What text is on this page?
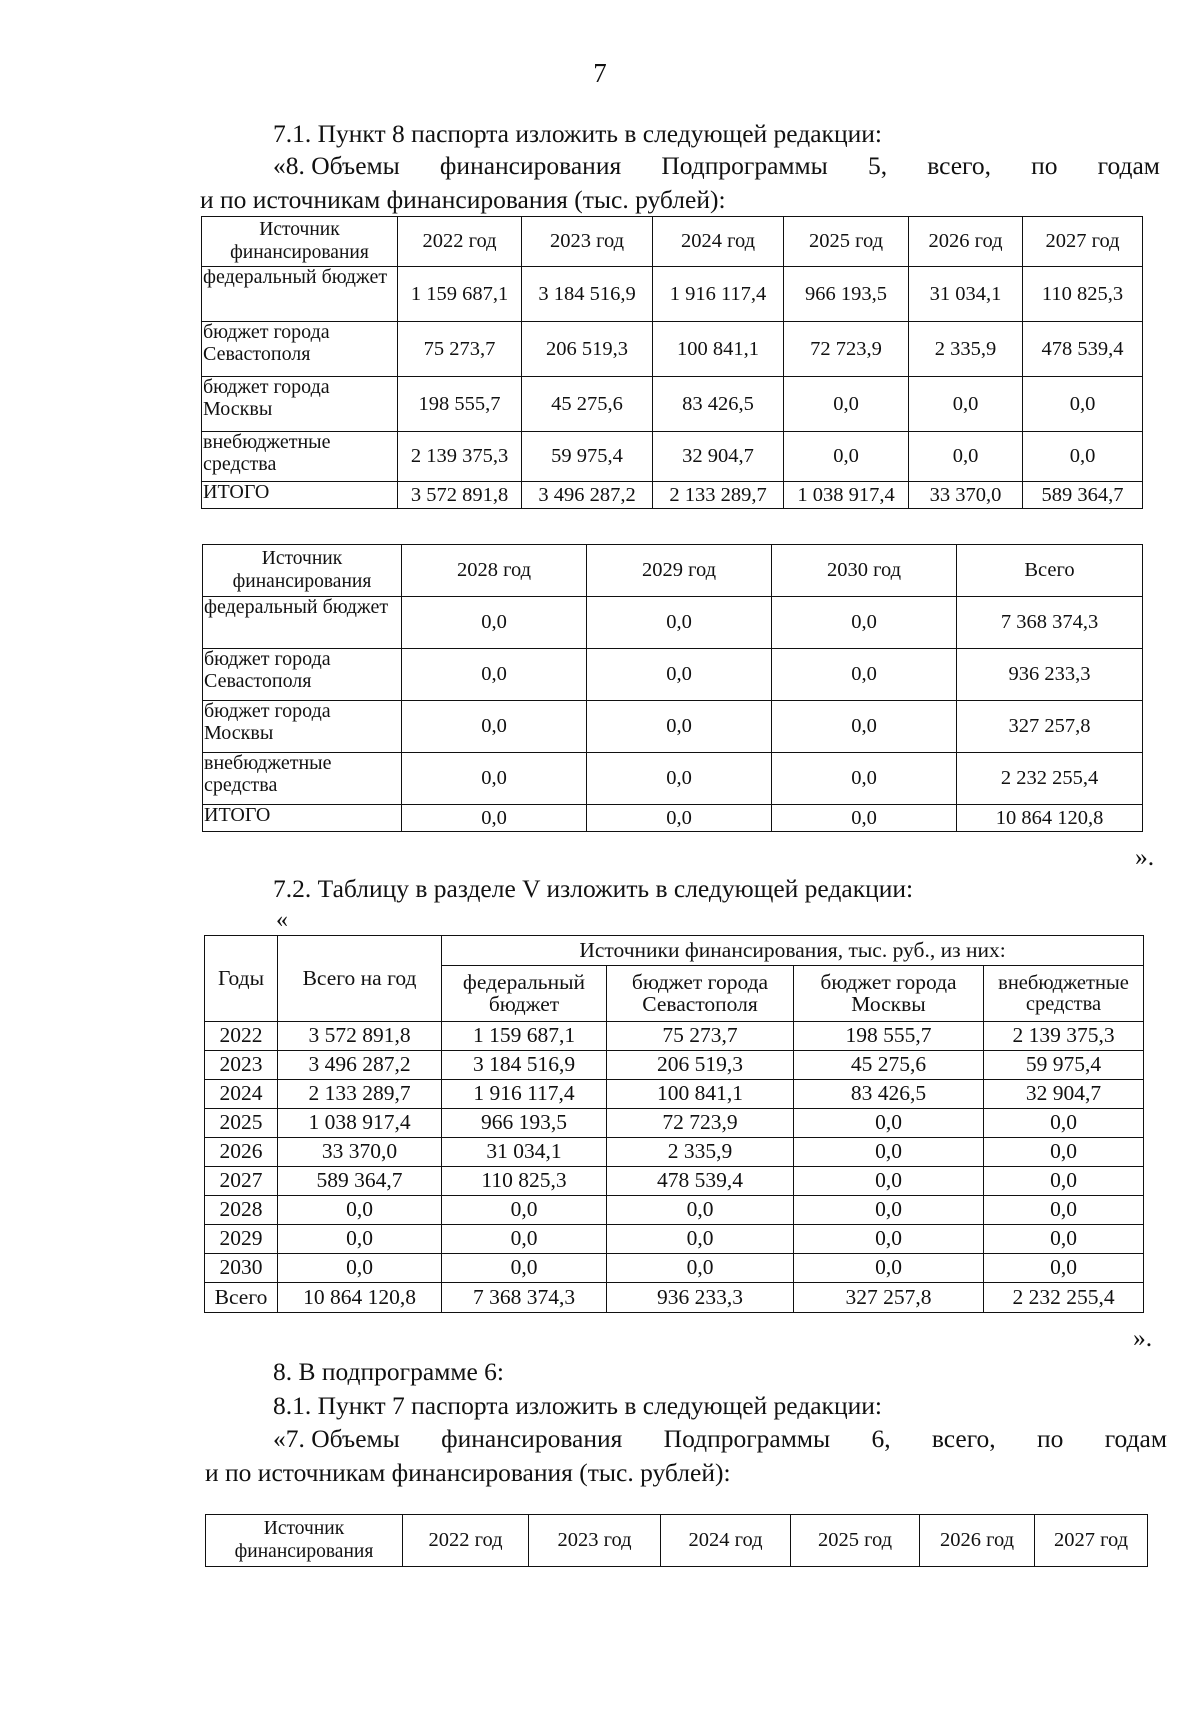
7
7.1. Пункт 8 паспорта изложить в следующей редакции:
«8. Объемы финансирования Подпрограммы 5, всего, по годам
и по источникам финансирования (тыс. рублей):
Источник финансирования	2022 год	2023 год	2024 год	2025 год	2026 год	2027 год
федеральный бюджет	1 159 687,1	3 184 516,9	1 916 117,4	966 193,5	31 034,1	110 825,3
бюджет города Севастополя	75 273,7	206 519,3	100 841,1	72 723,9	2 335,9	478 539,4
бюджет города Москвы	198 555,7	45 275,6	83 426,5	0,0	0,0	0,0
внебюджетные средства	2 139 375,3	59 975,4	32 904,7	0,0	0,0	0,0
ИТОГО	3 572 891,8	3 496 287,2	2 133 289,7	1 038 917,4	33 370,0	589 364,7
Источник финансирования	2028 год	2029 год	2030 год	Всего
федеральный бюджет	0,0	0,0	0,0	7 368 374,3
бюджет города Севастополя	0,0	0,0	0,0	936 233,3
бюджет города Москвы	0,0	0,0	0,0	327 257,8
внебюджетные средства	0,0	0,0	0,0	2 232 255,4
ИТОГО	0,0	0,0	0,0	10 864 120,8
».
7.2. Таблицу в разделе V изложить в следующей редакции:
«
Годы	Всего на год	Источники финансирования, тыс. руб., из них:			
		федеральный бюджет	бюджет города Севастополя	бюджет города Москвы	внебюджетные средства
2022	3 572 891,8	1 159 687,1	75 273,7	198 555,7	2 139 375,3
2023	3 496 287,2	3 184 516,9	206 519,3	45 275,6	59 975,4
2024	2 133 289,7	1 916 117,4	100 841,1	83 426,5	32 904,7
2025	1 038 917,4	966 193,5	72 723,9	0,0	0,0
2026	33 370,0	31 034,1	2 335,9	0,0	0,0
2027	589 364,7	110 825,3	478 539,4	0,0	0,0
2028	0,0	0,0	0,0	0,0	0,0
2029	0,0	0,0	0,0	0,0	0,0
2030	0,0	0,0	0,0	0,0	0,0
Всего	10 864 120,8	7 368 374,3	936 233,3	327 257,8	2 232 255,4
».
8. В подпрограмме 6:
8.1. Пункт 7 паспорта изложить в следующей редакции:
«7. Объемы финансирования Подпрограммы 6, всего, по годам
и по источникам финансирования (тыс. рублей):
Источник финансирования	2022 год	2023 год	2024 год	2025 год	2026 год	2027 год
